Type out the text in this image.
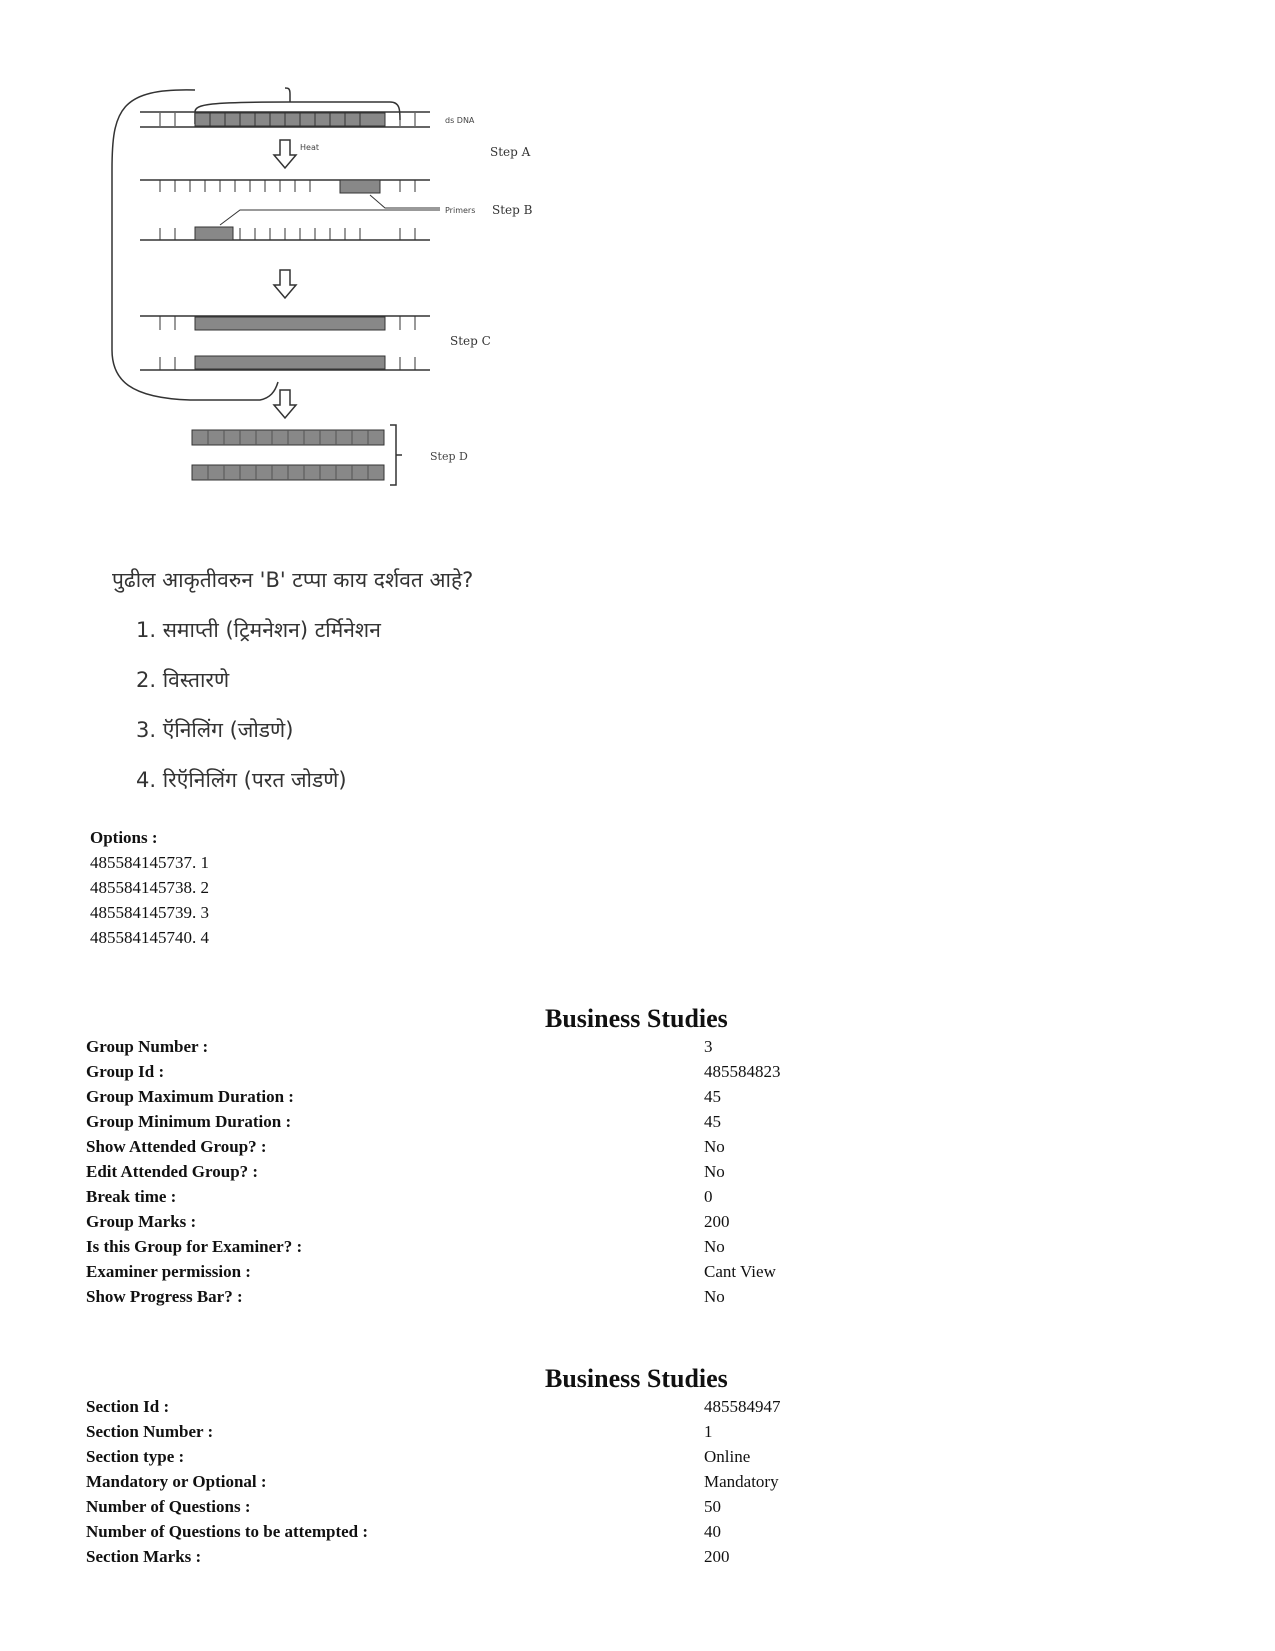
ds DNA
Heat	Step A
Primers Step B
Step C
Step D
पुढील आकृतीवरुन 'B' टप्पा काय दर्शवत आहे?
1. समाप्ती (ट्रिमनेशन) टर्मिनेशन
2. विस्तारणे
3. ऍनिलिंग (जोडणे)
4. रिऍनिलिंग (परत जोडणे)
Options :
485584145737. 1
485584145738. 2
485584145739. 3
485584145740. 4
Business Studies
Group Number :	3
Group Id :	485584823
Group Maximum Duration :	45
Group Minimum Duration :	45
Show Attended Group? :	No
Edit Attended Group? :	No
Break time :	0
Group Marks :	200
Is this Group for Examiner? :	No
Examiner permission :	Cant View
Show Progress Bar? :	No
Business Studies
Section Id :	485584947
Section Number :	1
Section type :	Online
Mandatory or Optional :	Mandatory
Number of Questions :	50
Number of Questions to be attempted :	40
Section Marks :	200
